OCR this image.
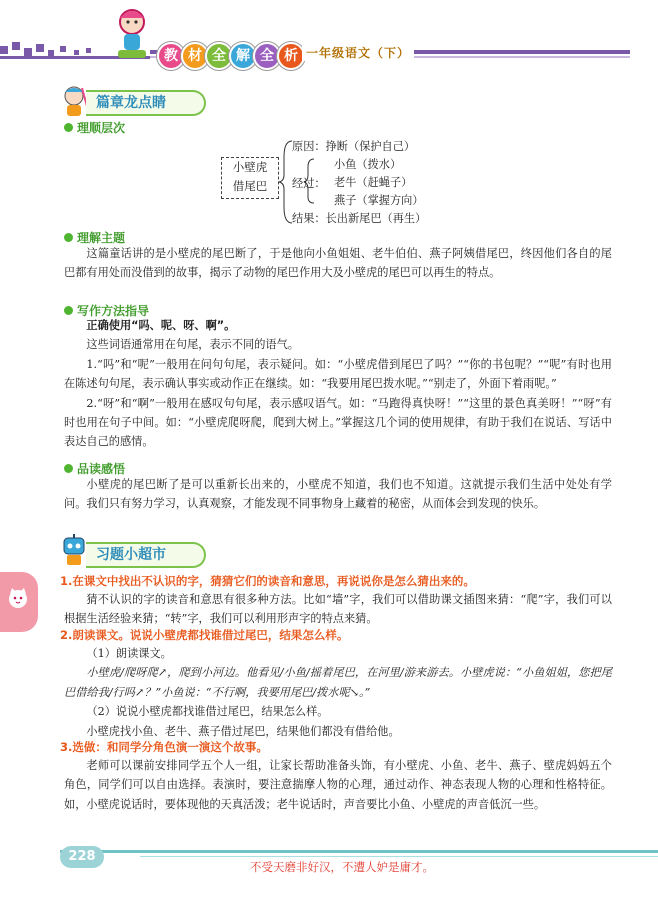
教 材 全 解 全 析 一年级语文（下）
篇章龙点睛
理顺层次
小壁虎
借尾巴
原因：挣断（保护自己）
经过：
小鱼（拨水）
老牛（赶蝇子）
燕子（掌握方向）
结果：长出新尾巴（再生）
理解主题

这篇童话讲的是小壁虎的尾巴断了，于是他向小鱼姐姐、老牛伯伯、燕子阿姨借尾巴，终因他们各自的尾巴都有用处而没借到的故事，揭示了动物的尾巴作用大及小壁虎的尾巴可以再生的特点。

写作方法指导

正确使用“吗、呢、呀、啊”。

这些词语通常用在句尾，表示不同的语气。

1.“吗”和“呢”一般用在问句句尾，表示疑问。如：“小壁虎借到尾巴了吗？”“你的书包呢？”“呢”有时也用在陈述句句尾，表示确认事实或动作正在继续。如：“我要用尾巴拨水呢。”“别走了，外面下着雨呢。”

2.“呀”和“啊”一般用在感叹句句尾，表示感叹语气。如：“马跑得真快呀！”“这里的景色真美呀！”“呀”有时也用在句子中间。如：“小壁虎爬呀爬，爬到大树上。”掌握这几个词的使用规律，有助于我们在说话、写话中表达自己的感情。

品读感悟

小壁虎的尾巴断了是可以重新长出来的，小壁虎不知道，我们也不知道。这就提示我们生活中处处有学问。我们只有努力学习，认真观察，才能发现不同事物身上藏着的秘密，从而体会到发现的快乐。

习题小超市
1.在课文中找出不认识的字，猜猜它们的读音和意思，再说说你是怎么猜出来的。

猜不认识的字的读音和意思有很多种方法。比如“墙”字，我们可以借助课文插图来猜：“爬”字，我们可以根据生活经验来猜；“转”字，我们可以利用形声字的特点来猜。

2.朗读课文。说说小壁虎都找谁借过尾巴，结果怎么样。

（1）朗读课文。

小壁虎/爬呀爬↗，爬到小河边。他看见/小鱼/摇着尾巴，在河里/游来游去。小壁虎说：“小鱼姐姐，您把尾巴借给我/行吗↗？”小鱼说：“不行啊，我要用尾巴/拨水呢↘。”

（2）说说小壁虎都找谁借过尾巴，结果怎么样。

小壁虎找小鱼、老牛、燕子借过尾巴，结果他们都没有借给他。

3.选做：和同学分角色演一演这个故事。

老师可以课前安排同学五个人一组，让家长帮助准备头饰，有小壁虎、小鱼、老牛、燕子、壁虎妈妈五个角色，同学们可以自由选择。表演时，要注意揣摩人物的心理，通过动作、神态表现人物的心理和性格特征。如，小壁虎说话时，要体现他的天真活泼；老牛说话时，声音要比小鱼、小壁虎的声音低沉一些。

228
不受天磨非好汉，不遭人妒是庸才。
